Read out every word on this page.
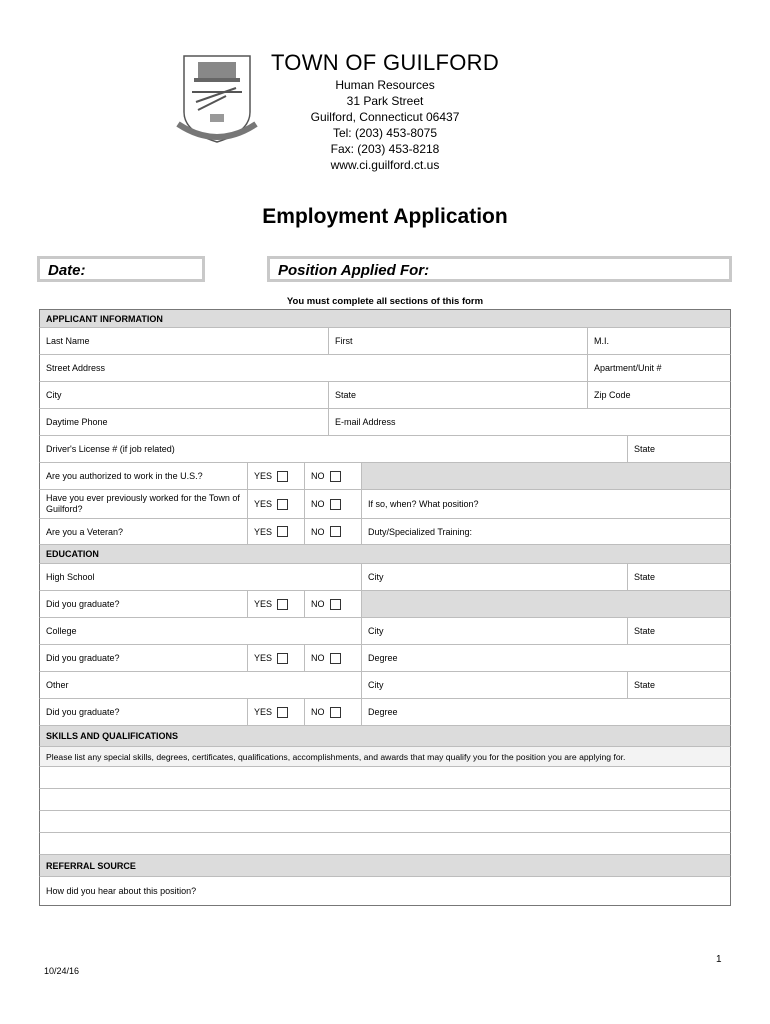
TOWN OF GUILFORD
Human Resources
31 Park Street
Guilford, Connecticut 06437
Tel: (203) 453-8075
Fax: (203) 453-8218
www.ci.guilford.ct.us
Employment Application
Date:	Position Applied For:
You must complete all sections of this form
APPLICANT INFORMATION
Last Name	First	M.I.
Street Address	Apartment/Unit #
City	State	Zip Code
Daytime Phone	E-mail Address
Driver's License # (if job related)	State
Are you authorized to work in the U.S.?	YES	NO
Have you ever previously worked for the Town of Guilford?	YES	NO	If so, when? What position?
Are you a Veteran?	YES	NO	Duty/Specialized Training:
EDUCATION
High School	City	State
Did you graduate?	YES	NO
College	City	State
Did you graduate?	YES	NO	Degree
Other	City	State
Did you graduate?	YES	NO	Degree
SKILLS AND QUALIFICATIONS
Please list any special skills, degrees, certificates, qualifications, accomplishments, and awards that may qualify you for the position you are applying for.
REFERRAL SOURCE
How did you hear about this position?
1
10/24/16
